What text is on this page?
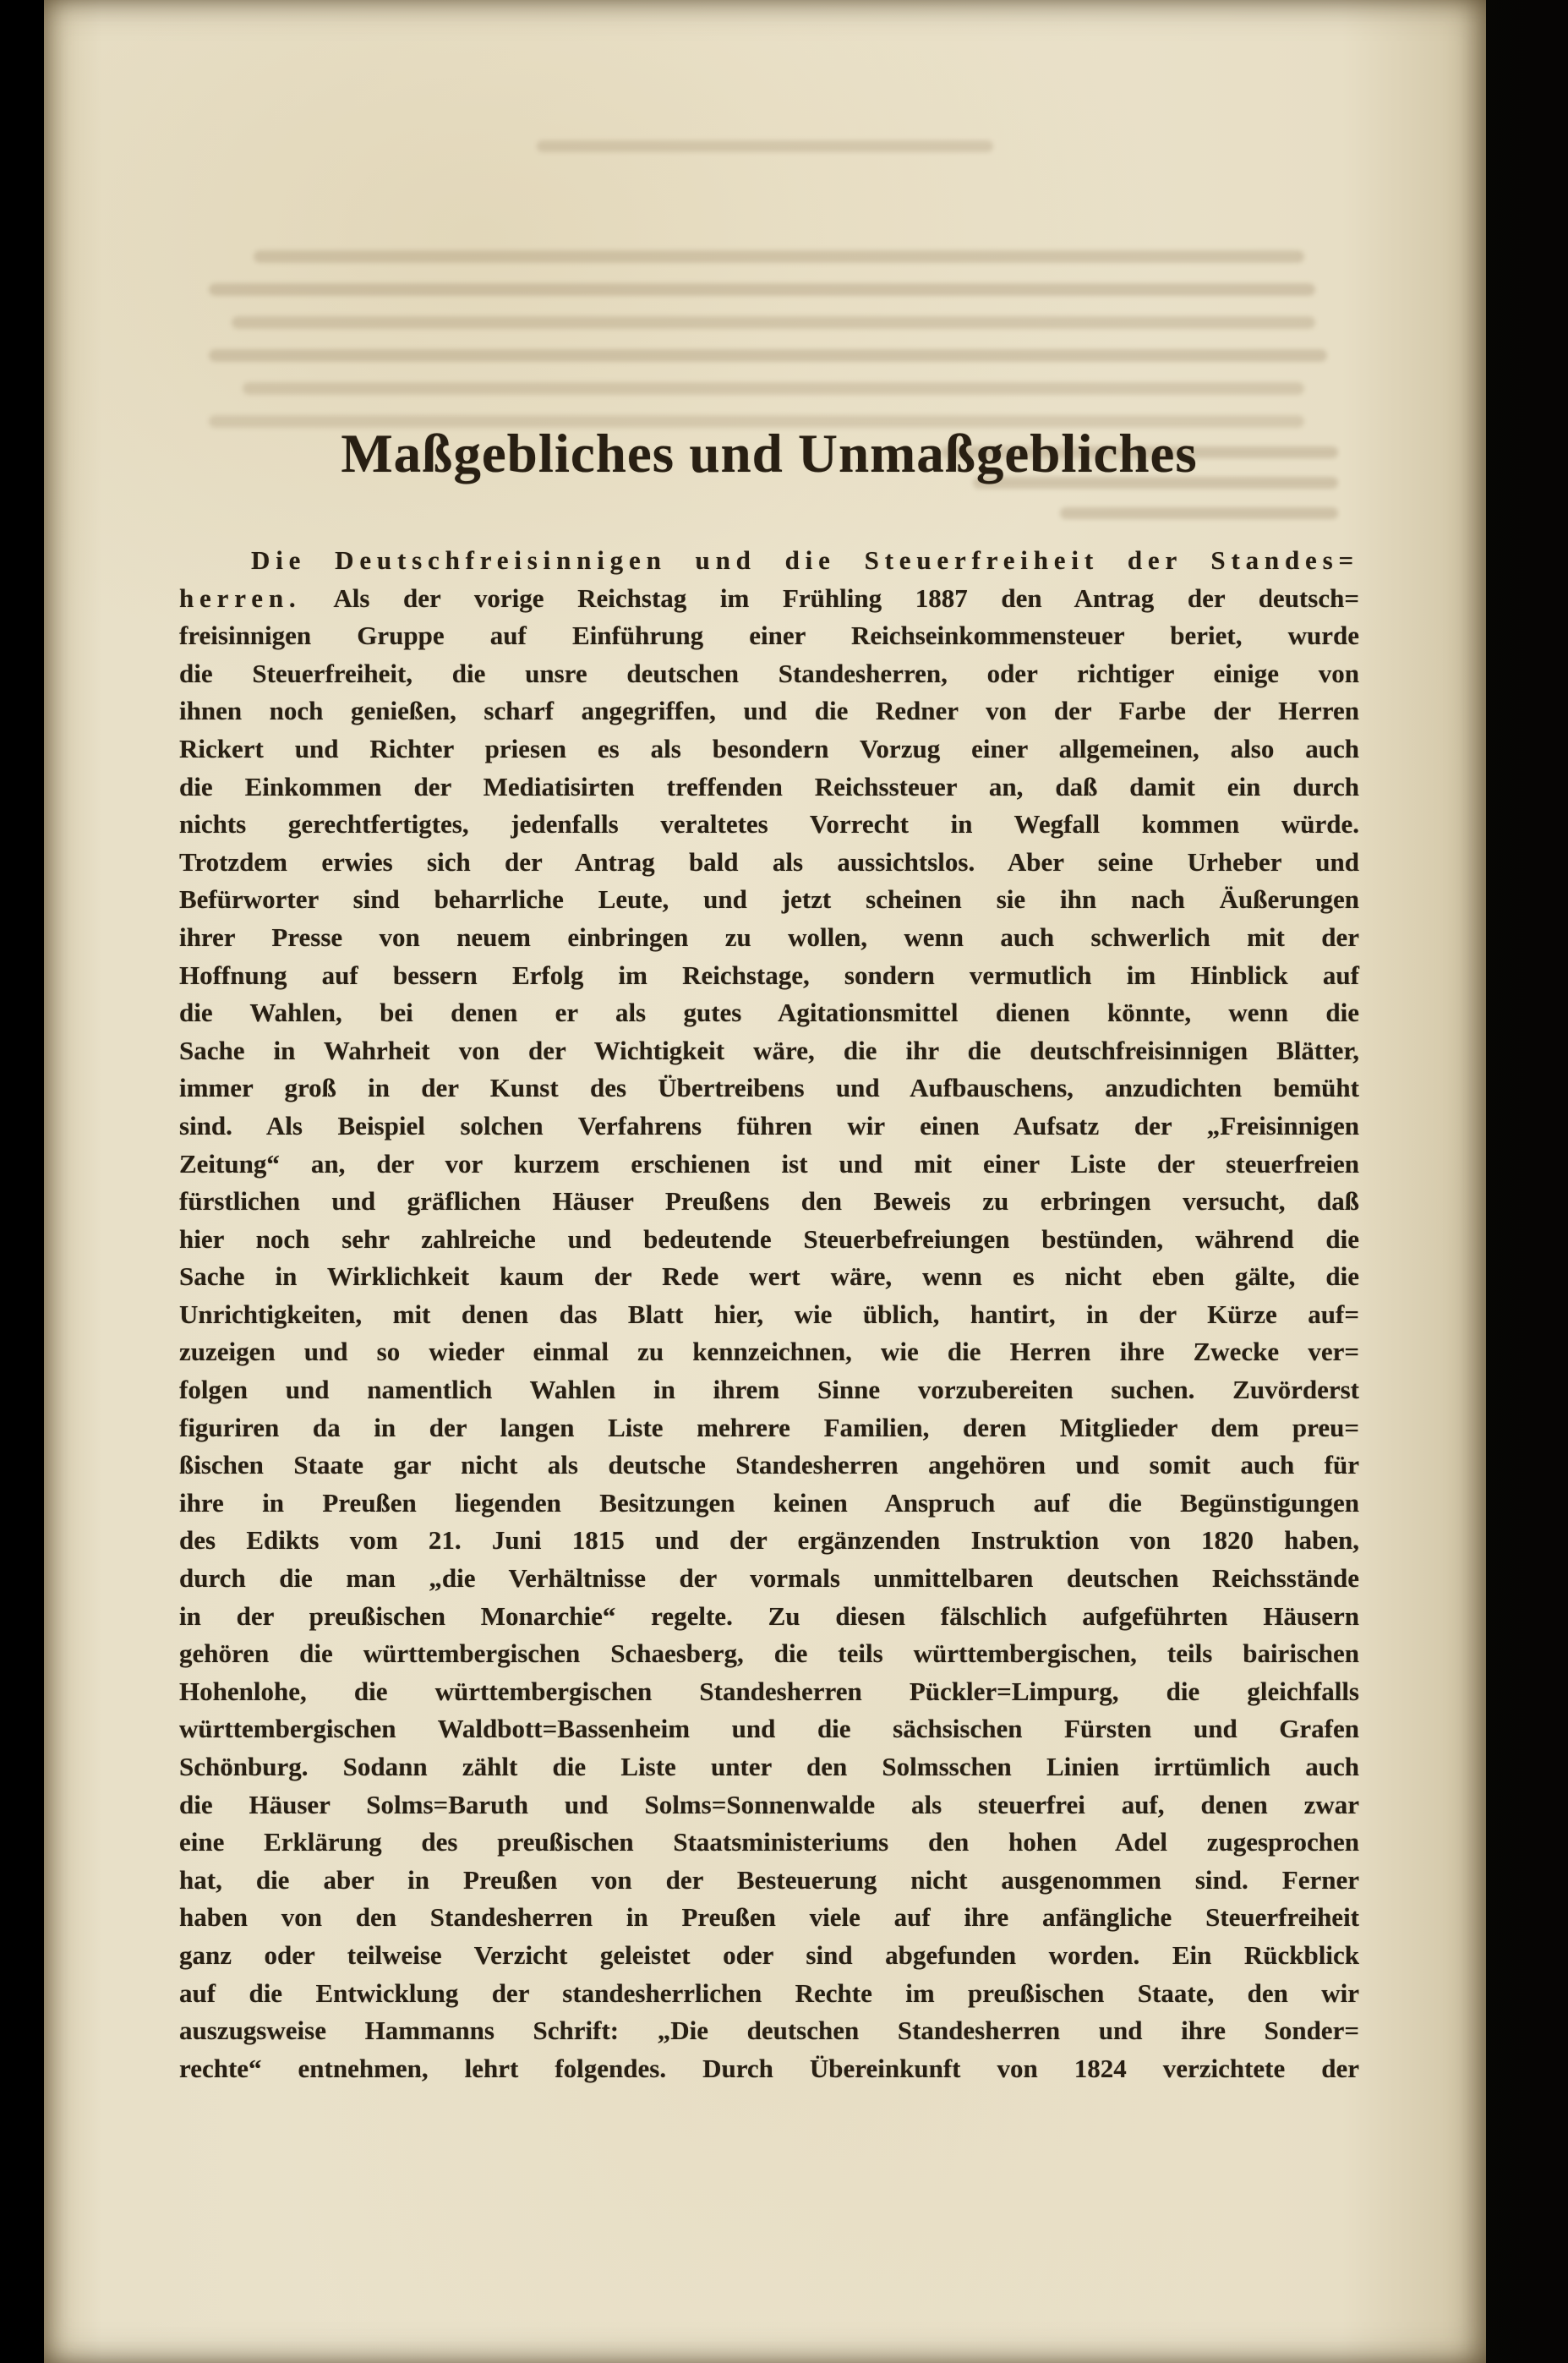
Maßgebliches und Unmaßgebliches
Die Deutschfreisinnigen und die Steuerfreiheit der Standes=
herren. Als der vorige Reichstag im Frühling 1887 den Antrag der deutsch=
freisinnigen Gruppe auf Einführung einer Reichseinkommensteuer beriet, wurde
die Steuerfreiheit, die unsre deutschen Standesherren, oder richtiger einige von
ihnen noch genießen, scharf angegriffen, und die Redner von der Farbe der Herren
Rickert und Richter priesen es als besondern Vorzug einer allgemeinen, also auch
die Einkommen der Mediatisirten treffenden Reichssteuer an, daß damit ein durch
nichts gerechtfertigtes, jedenfalls veraltetes Vorrecht in Wegfall kommen würde.
Trotzdem erwies sich der Antrag bald als aussichtslos. Aber seine Urheber und
Befürworter sind beharrliche Leute, und jetzt scheinen sie ihn nach Äußerungen
ihrer Presse von neuem einbringen zu wollen, wenn auch schwerlich mit der
Hoffnung auf bessern Erfolg im Reichstage, sondern vermutlich im Hinblick auf
die Wahlen, bei denen er als gutes Agitationsmittel dienen könnte, wenn die
Sache in Wahrheit von der Wichtigkeit wäre, die ihr die deutschfreisinnigen Blätter,
immer groß in der Kunst des Übertreibens und Aufbauschens, anzudichten bemüht
sind. Als Beispiel solchen Verfahrens führen wir einen Aufsatz der „Freisinnigen
Zeitung“ an, der vor kurzem erschienen ist und mit einer Liste der steuerfreien
fürstlichen und gräflichen Häuser Preußens den Beweis zu erbringen versucht, daß
hier noch sehr zahlreiche und bedeutende Steuerbefreiungen bestünden, während die
Sache in Wirklichkeit kaum der Rede wert wäre, wenn es nicht eben gälte, die
Unrichtigkeiten, mit denen das Blatt hier, wie üblich, hantirt, in der Kürze auf=
zuzeigen und so wieder einmal zu kennzeichnen, wie die Herren ihre Zwecke ver=
folgen und namentlich Wahlen in ihrem Sinne vorzubereiten suchen. Zuvörderst
figuriren da in der langen Liste mehrere Familien, deren Mitglieder dem preu=
ßischen Staate gar nicht als deutsche Standesherren angehören und somit auch für
ihre in Preußen liegenden Besitzungen keinen Anspruch auf die Begünstigungen
des Edikts vom 21. Juni 1815 und der ergänzenden Instruktion von 1820 haben,
durch die man „die Verhältnisse der vormals unmittelbaren deutschen Reichsstände
in der preußischen Monarchie“ regelte. Zu diesen fälschlich aufgeführten Häusern
gehören die württembergischen Schaesberg, die teils württembergischen, teils bairischen
Hohenlohe, die württembergischen Standesherren Pückler=Limpurg, die gleichfalls
württembergischen Waldbott=Bassenheim und die sächsischen Fürsten und Grafen
Schönburg. Sodann zählt die Liste unter den Solmsschen Linien irrtümlich auch
die Häuser Solms=Baruth und Solms=Sonnenwalde als steuerfrei auf, denen zwar
eine Erklärung des preußischen Staatsministeriums den hohen Adel zugesprochen
hat, die aber in Preußen von der Besteuerung nicht ausgenommen sind. Ferner
haben von den Standesherren in Preußen viele auf ihre anfängliche Steuerfreiheit
ganz oder teilweise Verzicht geleistet oder sind abgefunden worden. Ein Rückblick
auf die Entwicklung der standesherrlichen Rechte im preußischen Staate, den wir
auszugsweise Hammanns Schrift: „Die deutschen Standesherren und ihre Sonder=
rechte“ entnehmen, lehrt folgendes. Durch Übereinkunft von 1824 verzichtete der
